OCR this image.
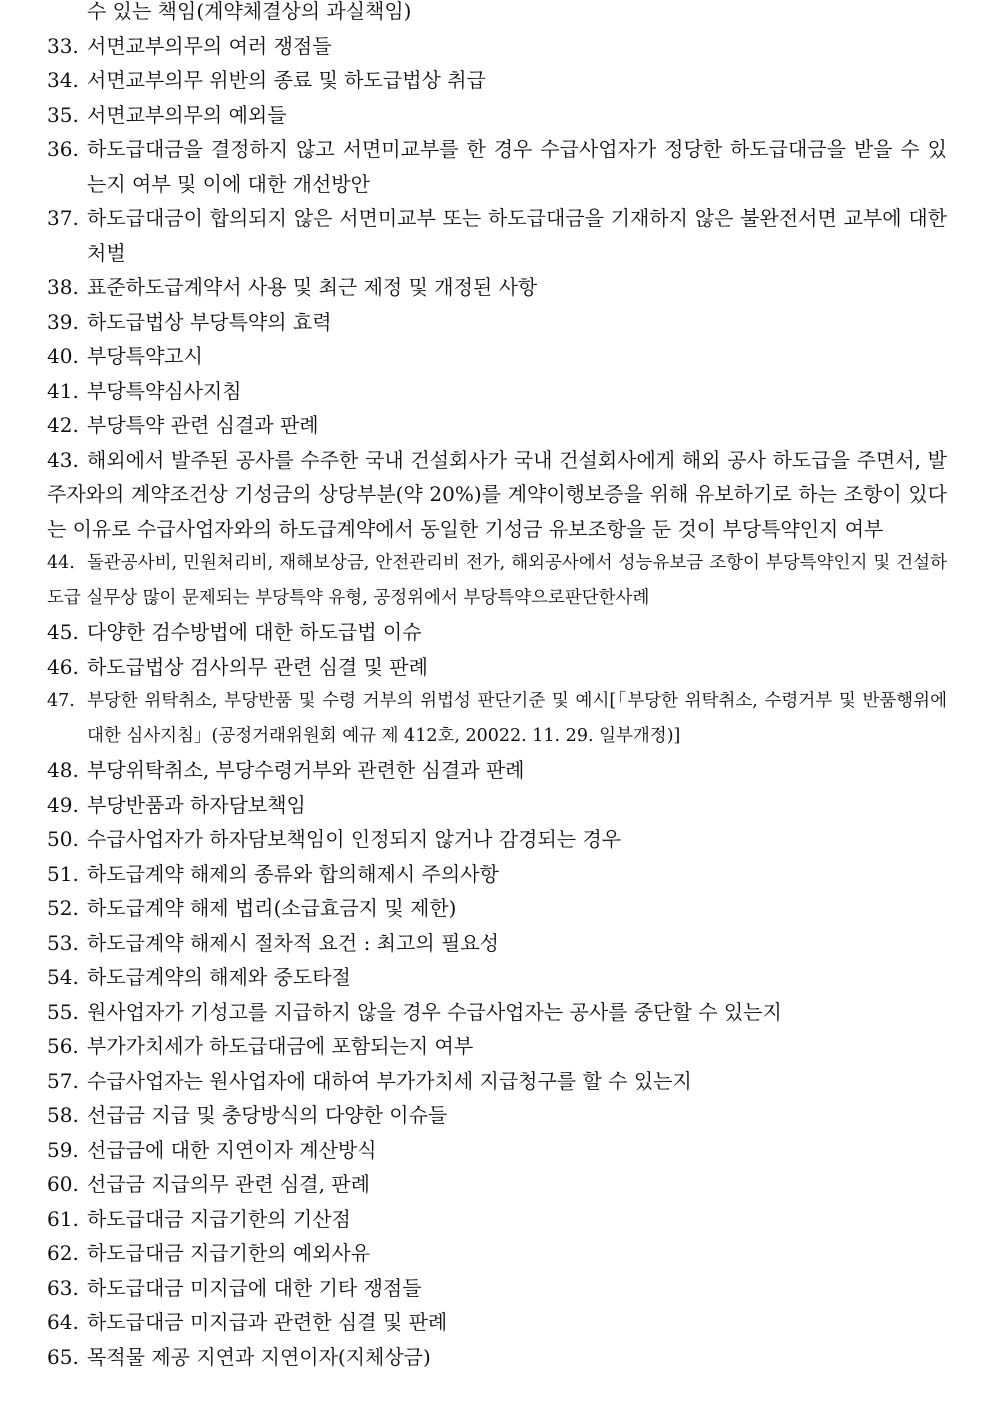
수 있는 책임(계약체결상의 과실책임)
33.서면교부의무의 여러 쟁점들
34.서면교부의무 위반의 종료 및 하도급법상 취급
35.서면교부의무의 예외들
36.하도급대금을 결정하지 않고 서면미교부를 한 경우 수급사업자가 정당한 하도급대금을 받을 수 있는지 여부 및 이에 대한 개선방안
37.하도급대금이 합의되지 않은 서면미교부 또는 하도급대금을 기재하지 않은 불완전서면 교부에 대한 처벌
38.표준하도급계약서 사용 및 최근 제정 및 개정된 사항
39.하도급법상 부당특약의 효력
40.부당특약고시
41.부당특약심사지침
42.부당특약 관련 심결과 판례
43.해외에서 발주된 공사를 수주한 국내 건설회사가 국내 건설회사에게 해외 공사 하도급을 주면서, 발주자와의 계약조건상 기성금의 상당부분(약 20%)를 계약이행보증을 위해 유보하기로 하는 조항이 있다는 이유로 수급사업자와의 하도급계약에서 동일한 기성금 유보조항을 둔 것이 부당특약인지 여부
44.돌관공사비, 민원처리비, 재해보상금, 안전관리비 전가, 해외공사에서 성능유보금 조항이 부당특약인지 및 건설하도급 실무상 많이 문제되는 부당특약 유형, 공정위에서 부당특약으로판단한사례
45.다양한 검수방법에 대한 하도급법 이슈
46.하도급법상 검사의무 관련 심결 및 판례
47.부당한 위탁취소, 부당반품 및 수령 거부의 위법성 판단기준 및 예시[「부당한 위탁취소, 수령거부 및 반품행위에 대한 심사지침」(공정거래위원회 예규 제 412호, 20022. 11. 29. 일부개정)]
48.부당위탁취소, 부당수령거부와 관련한 심결과 판례
49.부당반품과 하자담보책임
50.수급사업자가 하자담보책임이 인정되지 않거나 감경되는 경우
51.하도급계약 해제의 종류와 합의해제시 주의사항
52.하도급계약 해제 법리(소급효금지 및 제한)
53.하도급계약 해제시 절차적 요건 : 최고의 필요성
54.하도급계약의 해제와 중도타절
55.원사업자가 기성고를 지급하지 않을 경우 수급사업자는 공사를 중단할 수 있는지
56.부가가치세가 하도급대금에 포함되는지 여부
57.수급사업자는 원사업자에 대하여 부가가치세 지급청구를 할 수 있는지
58.선급금 지급 및 충당방식의 다양한 이슈들
59.선급금에 대한 지연이자 계산방식
60.선급금 지급의무 관련 심결, 판례
61.하도급대금 지급기한의 기산점
62.하도급대금 지급기한의 예외사유
63.하도급대금 미지급에 대한 기타 쟁점들
64.하도급대금 미지급과 관련한 심결 및 판례
65.목적물 제공 지연과 지연이자(지체상금)
